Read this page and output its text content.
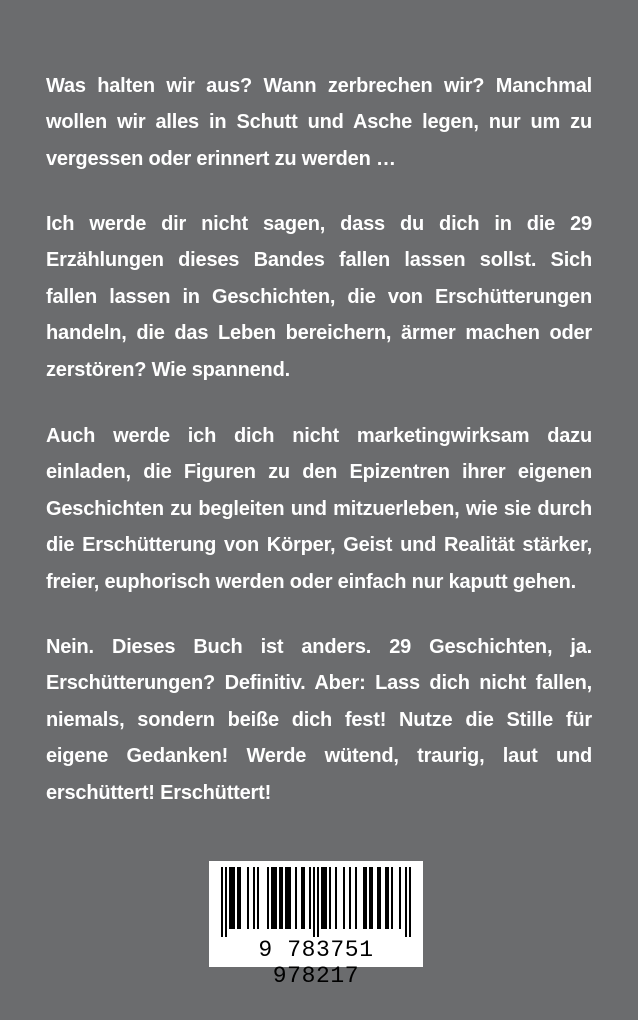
Was halten wir aus? Wann zerbrechen wir? Manchmal
wollen wir alles in Schutt und Asche legen, nur um zu
vergessen oder erinnert zu werden …
Ich werde dir nicht sagen, dass du dich in die 29
Erzählungen dieses Bandes fallen lassen sollst. Sich
fallen lassen in Geschichten, die von Erschütterungen
handeln, die das Leben bereichern, ärmer machen oder
zerstören? Wie spannend.
Auch werde ich dich nicht marketingwirksam dazu
einladen, die Figuren zu den Epizentren ihrer eigenen
Geschichten zu begleiten und mitzuerleben, wie sie durch
die Erschütterung von Körper, Geist und Realität stärker,
freier, euphorisch werden oder einfach nur kaputt gehen.
Nein. Dieses Buch ist anders. 29 Geschichten, ja.
Erschütterungen? Definitiv. Aber: Lass dich nicht fallen,
niemals, sondern beiße dich fest! Nutze die Stille für
eigene Gedanken! Werde wütend, traurig, laut und
erschüttert! Erschüttert!
9 783751 978217
